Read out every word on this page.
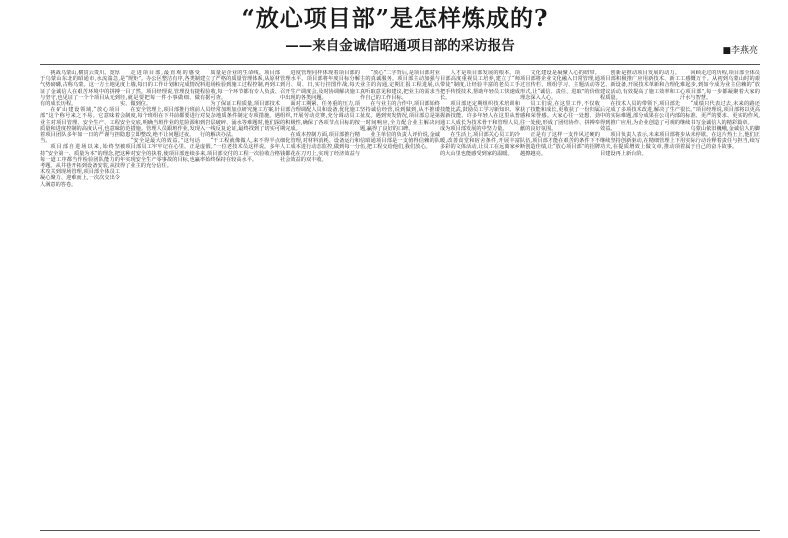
“放心项目部”是怎样炼成的?
——来自金诚信昭通项目部的采访报告	■李燕亮

挑战乌蒙山,横贯云贵川。宽厚于乌蒙山东北的昭通市,水流湍急,气势磅礴,古称乌蒙。这一方土地见证了金诚信人在艰苦环境中的拼搏与坚守,也见证了一个个项目从无到有的成长历程。

在矿山建设领域,“放心项目部”这个称号来之不易。它意味着业主对项目管理、安全生产、工程质量和进度控制的高度认可,也意味着项目团队多年如一日的严谨与担当。

项目部自进场以来,始终坚持“安全第一、质量为本”的理念,把每一道工序都当作检验团队能力的考题。从井巷开拓到设备安装,从技术攻关到现场管理,项目部全体员工凝心聚力、迎难而上,一次次交出令人满意的答卷。

走进项目部,最直观的感受是“规矩”。办公区整洁有序,各类制度上墙,每日的工作计划和完成情况一目了然。项目经理说,管理没有捷径,就是要把每一件小事做细、做实、做到位。

在安全管理上,项目部推行班前会制度,每个班组在下井前都要进行安全交底,明确当班作业的危险源和防范措施。管理人员跟班作业,发现隐患立即整改,绝不让问题过夜。

“安全是最大的效益。”这句话被项目部员工牢牢记在心里。正是这种对安全的执着,使项目部连续多年实现安全生产零事故的目标,也赢得了业主的充分信任。

质量是企业的生命线。项目部建立了严格的质量管理体系,从原材料进场检验到施工过程控制,再到工程验收,每一个环节都有专人负责、有据可查。

为了保证工程质量,项目部技术人员经常加班加点研究施工方案,针对复杂地质条件制定专项措施。遇到岩层破碎、涌水等难题时,他们深入一线反复论证,最终找到了切实可行的解决办法。

“干工程就像做人,来不得半点虚假。”一位老技术员这样说。多年来,项目部交付的工程一次验收合格率始终保持在较高水平。

进度管理同样体现着项目部的管理水平。项目部将年度目标分解到月、周、日,实行挂图作战,每天召开生产调度会,及时协调解决施工中出现的各类问题。

面对工期紧、任务重的压力,项目部合理调配人员和设备,优化施工组织,开展劳动竞赛,充分调动员工的积极性,确保了各项节点目标的按期完成。

在成本控制方面,项目部推行精细化管理,对材料消耗、设备运行和人工成本进行动态监控,做到每一分钱都花在刀刃上,实现了经济效益与社会效益的双丰收。

“放心”二字背后,是项目部对业主的真诚服务。项目部主动加强与业主的沟通,定期汇报工程进展,认真听取意见和建议,把业主的需求当作自己的工作目标。

在与业主的合作中,项目部始终坚持诚信经营,说到做到,从不推诿扯皮。遇到突发情况,项目部总是第一时间响应,全力配合业主解决问题,赢得了良好的口碑。

业主单位的负责人评价说,金诚信昭通项目部是一支值得信赖的队伍,把工程交给他们,我们放心。

人才是项目部发展的根本。项目部高度重视员工培养,建立了“师带徒”制度,让经验丰富的老员工手把手传授技术,帮助年轻员工快速成长。

项目部还定期组织技术培训和技能比武,鼓励员工学习新知识、掌握新技能。许多年轻人在这里从普通工人成长为技术骨干和管理人员,成为项目部发展的中坚力量。

在生活上,项目部关心员工的冷暖,改善食堂和宿舍条件,开展丰富多彩的文体活动,让员工在远离家乡的大山里也能感受到家的温暖。

文化建设是凝聚人心的纽带。项目部将企业文化融入日常管理,通过宣传栏、班组学习、主题活动等形式,让“诚信、责任、进取”的价值理念深入人心。

员工们说,在这里工作,不仅收获了技能和成长,更收获了一份归属感和荣誉感。大家心往一处想、劲往一处使,形成了团结协作、拼搏奉献的良好氛围。

正是有了这样一支作风过硬的队伍,项目部才能在艰苦的条件下不断创造佳绩,让“放心项目部”的招牌越擦越亮。

创新是推动项目发展的动力。项目部积极推广应用新技术、新工艺、新设备,开展技术革新和合理化建议活动,有效提高了施工效率和工程质量。

在技术人员的带领下,项目部先后完成了多项技术改进,解决了生产中的实际难题,部分成果在公司内部得到推广应用,为企业创造了可观的效益。

项目负责人表示,未来项目部将继续坚持创新驱动,在精细管理上下功夫,在提质增效上做文章,推动项目建设再上新台阶。

回顾走过的历程,项目部全体员工感慨万千。从初到乌蒙山时的艰难起步,到如今成为业主信赖的“放心项目部”,每一步都凝聚着大家的汗水与智慧。

“成绩只代表过去,未来的路还很长。”项目经理说,项目部将以更高的标准、更严的要求、更实的作风,继续书写金诚信人的精彩篇章。

乌蒙山依旧巍峨,金诚信人的脚步从未停歇。在这片热土上,他们正用实际行动诠释着责任与担当,续写着属于自己的奋斗故事。
